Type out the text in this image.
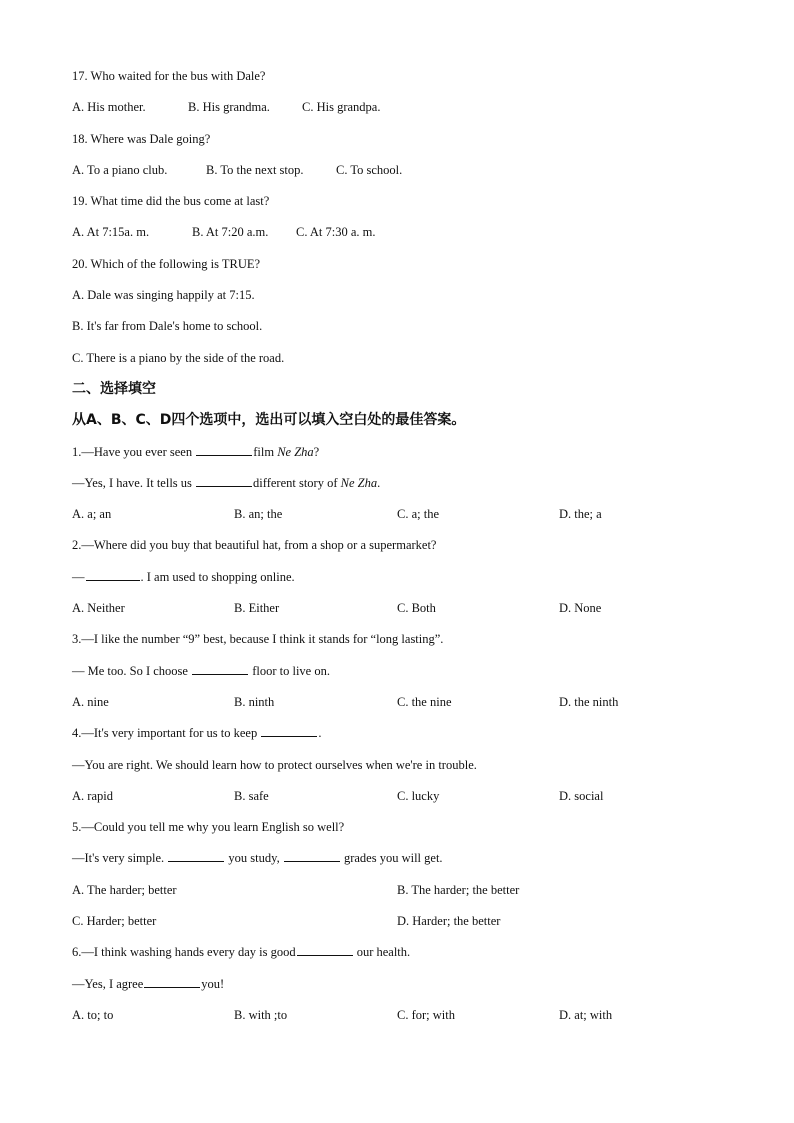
17. Who waited for the bus with Dale?
A. His mother.	B. His grandma.	C. His grandpa.
18. Where was Dale going?
A. To a piano club.	B. To the next stop.	C. To school.
19. What time did the bus come at last?
A. At 7:15a. m.	B. At 7:20 a.m. C. At 7:30 a. m.
20. Which of the following is TRUE?
A. Dale was singing happily at 7:15.
B. It's far from Dale's home to school.
C. There is a piano by the side of the road.
二、选择填空
从A、B、C、D四个选项中，选出可以填入空白处的最佳答案。
1.—Have you ever seen	film Ne Zha?
—Yes, I have. It tells us	different story of Ne Zha.
A. a; an	B. an; the	C. a; the	D. the; a
2.—Where did you buy that beautiful hat, from a shop or a supermarket?
—	. I am used to shopping online.
A. Neither	B. Either	C. Both	D. None
3.—I like the number “9” best, because I think it stands for “long lasting”.
— Me too. So I choose	floor to live on.
A. nine	B. ninth	C. the nine	D. the ninth
4.—It's very important for us to keep	.
—You are right. We should learn how to protect ourselves when we're in trouble.
A. rapid	B. safe	C. lucky	D. social
5.—Could you tell me why you learn English so well?
—It's very simple.	you study,	grades you will get.
A. The harder; better	B. The harder; the better
C. Harder; better	D. Harder; the better
6.—I think washing hands every day is good	our health.
—Yes, I agree	you!
A. to; to	B. with ;to	C. for; with	D. at; with
